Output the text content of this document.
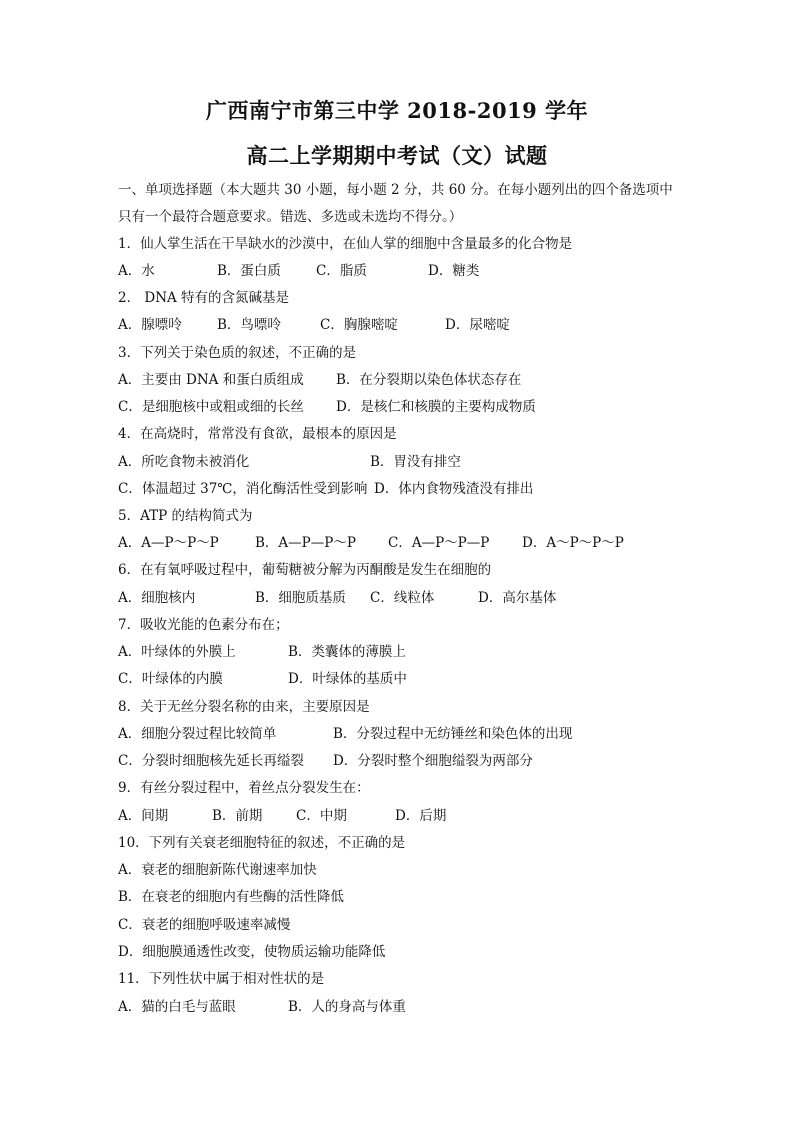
广西南宁市第三中学 2018-2019 学年
高二上学期期中考试（文）试题
一、单项选择题（本大题共 30 小题，每小题 2 分，共 60 分。在每小题列出的四个备选项中
只有一个最符合题意要求。错选、多选或未选均不得分。）
1．仙人掌生活在干旱缺水的沙漠中，在仙人掌的细胞中含量最多的化合物是
A．水	B．蛋白质	C．脂质	D．糖类
2． DNA 特有的含氮碱基是
A．腺嘌呤	B．鸟嘌呤	C．胸腺嘧啶	D．尿嘧啶
3．下列关于染色质的叙述，不正确的是
A．主要由 DNA 和蛋白质组成 B．在分裂期以染色体状态存在
C．是细胞核中或粗或细的长丝 D．是核仁和核膜的主要构成物质
4．在高烧时，常常没有食欲，最根本的原因是
A．所吃食物未被消化	B．胃没有排空
C．体温超过 37℃，消化酶活性受到影响 D．体内食物残渣没有排出
5．ATP 的结构简式为
A．A—P～P～P	B．A—P—P～P C．A—P～P—P D．A～P～P～P
6．在有氧呼吸过程中，葡萄糖被分解为丙酮酸是发生在细胞的
A．细胞核内	B．细胞质基质 C．线粒体	D．高尔基体
7．吸收光能的色素分布在；
A．叶绿体的外膜上	B．类囊体的薄膜上
C．叶绿体的内膜	D．叶绿体的基质中
8．关于无丝分裂名称的由来，主要原因是
A．细胞分裂过程比较简单	B．分裂过程中无纺锤丝和染色体的出现
C．分裂时细胞核先延长再缢裂 D．分裂时整个细胞缢裂为两部分
9．有丝分裂过程中，着丝点分裂发生在：
A．间期	B．前期 C．中期	D．后期
10．下列有关衰老细胞特征的叙述，不正确的是
A．衰老的细胞新陈代谢速率加快
B．在衰老的细胞内有些酶的活性降低
C．衰老的细胞呼吸速率减慢
D．细胞膜通透性改变，使物质运输功能降低
11．下列性状中属于相对性状的是
A．猫的白毛与蓝眼	B．人的身高与体重
